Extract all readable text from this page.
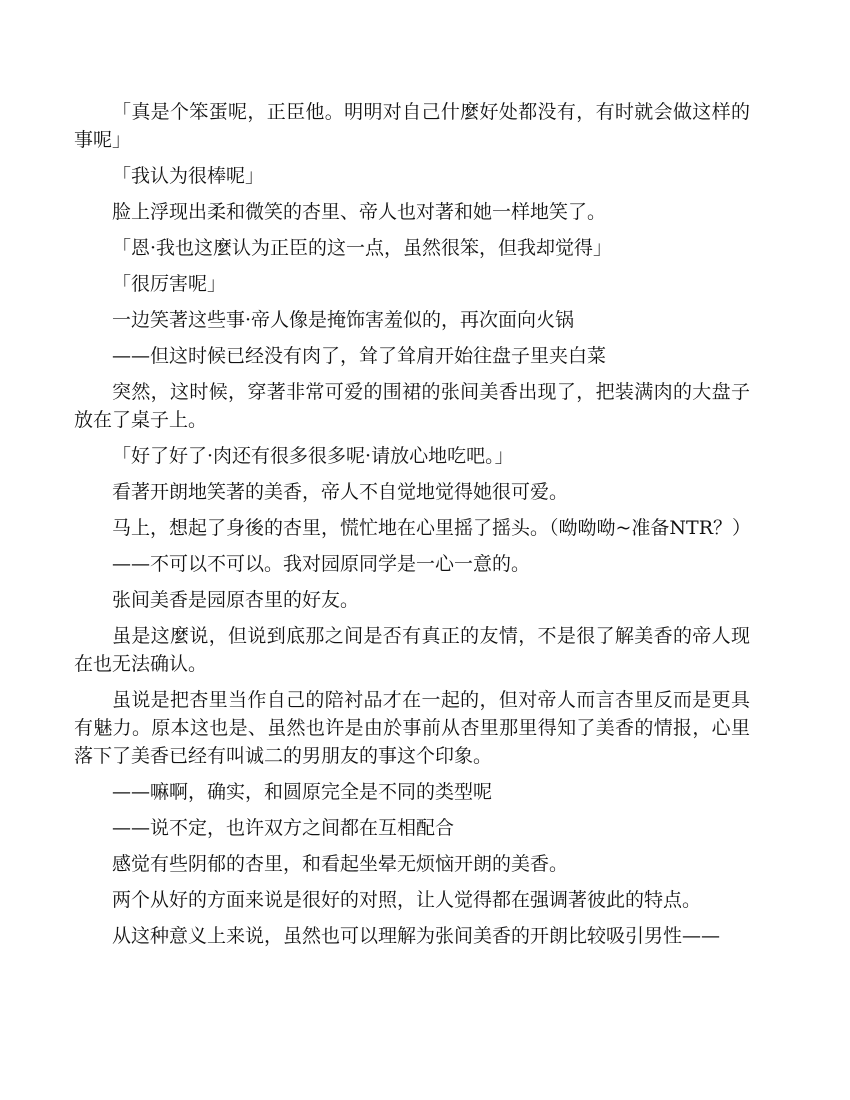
「真是个笨蛋呢，正臣他。明明对自己什麼好处都没有，有时就会做这样的事呢」

「我认为很棒呢」

脸上浮现出柔和微笑的杏里、帝人也对著和她一样地笑了。

「恩·我也这麼认为正臣的这一点，虽然很笨，但我却觉得」

「很厉害呢」

一边笑著这些事·帝人像是掩饰害羞似的，再次面向火锅

——但这时候已经没有肉了，耸了耸肩开始往盘子里夹白菜

突然，这时候，穿著非常可爱的围裙的张间美香出现了，把装满肉的大盘子放在了桌子上。

「好了好了·肉还有很多很多呢·请放心地吃吧。」

看著开朗地笑著的美香，帝人不自觉地觉得她很可爱。

马上，想起了身後的杏里，慌忙地在心里摇了摇头。（呦呦呦~准备NTR？）

——不可以不可以。我对园原同学是一心一意的。

张间美香是园原杏里的好友。

虽是这麼说，但说到底那之间是否有真正的友情，不是很了解美香的帝人现在也无法确认。

虽说是把杏里当作自己的陪衬品才在一起的，但对帝人而言杏里反而是更具有魅力。原本这也是、虽然也许是由於事前从杏里那里得知了美香的情报，心里落下了美香已经有叫诚二的男朋友的事这个印象。

——嘛啊，确实，和圆原完全是不同的类型呢

——说不定，也许双方之间都在互相配合

感觉有些阴郁的杏里，和看起坐晕无烦恼开朗的美香。

两个从好的方面来说是很好的对照，让人觉得都在强调著彼此的特点。

从这种意义上来说，虽然也可以理解为张间美香的开朗比较吸引男性——
